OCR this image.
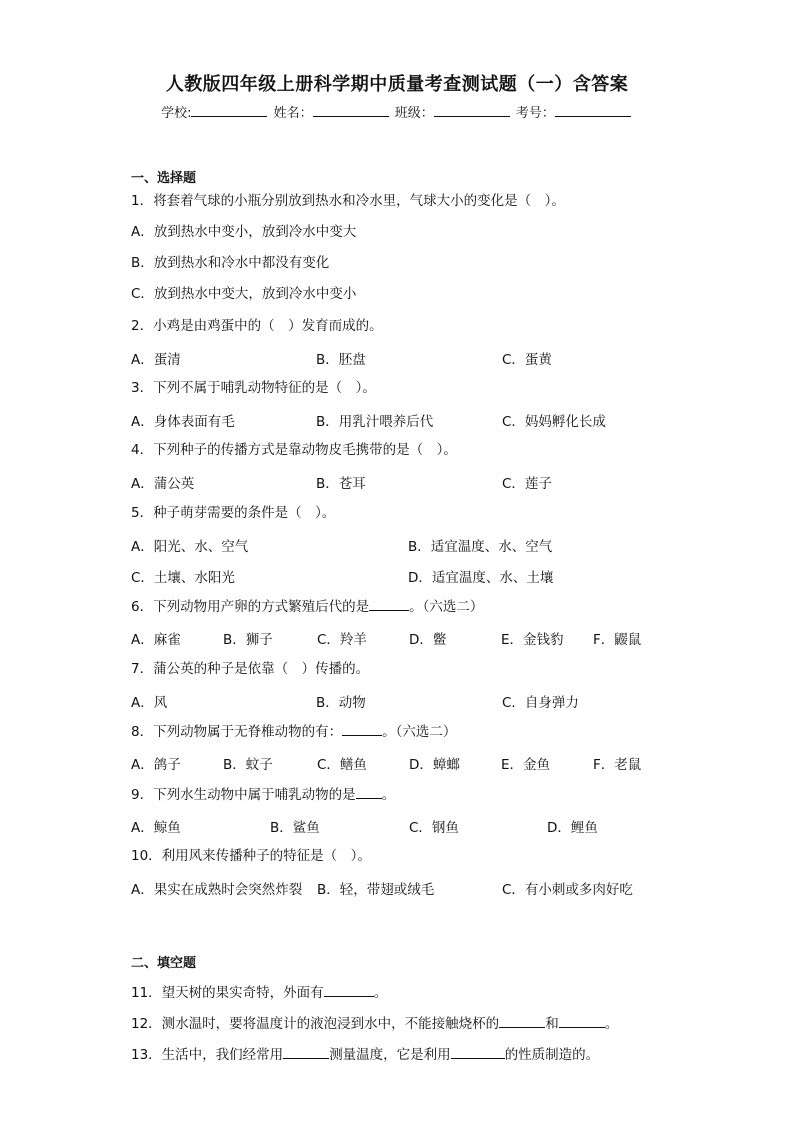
人教版四年级上册科学期中质量考查测试题（一）含答案
学校:	姓名：	班级：	考号：
一、选择题
1．将套着气球的小瓶分别放到热水和冷水里，气球大小的变化是（　）。
A．放到热水中变小，放到冷水中变大
B．放到热水和冷水中都没有变化
C．放到热水中变大，放到冷水中变小
2．小鸡是由鸡蛋中的（　）发育而成的。
A．蛋清	B．胚盘	C．蛋黄
3．下列不属于哺乳动物特征的是（　）。
A．身体表面有毛	B．用乳汁喂养后代	C．妈妈孵化长成
4．下列种子的传播方式是靠动物皮毛携带的是（　）。
A．蒲公英	B．苍耳	C．莲子
5．种子萌芽需要的条件是（　）。
A．阳光、水、空气	B．适宜温度、水、空气
C．土壤、水阳光	D．适宜温度、水、土壤
6．下列动物用产卵的方式繁殖后代的是	。（六选二）
A．麻雀	B．狮子	C．羚羊	D．鳖	E．金钱豹 F．鼹鼠
7．蒲公英的种子是依靠（　）传播的。
A．风	B．动物	C．自身弹力
8．下列动物属于无脊椎动物的有：	。（六选二）
A．鸽子	B．蚊子	C．鳝鱼	D．蟑螂	E．金鱼	F．老鼠
9．下列水生动物中属于哺乳动物的是 。
A．鲸鱼	B．鲨鱼	C．钢鱼	D．鲤鱼
10．利用风来传播种子的特征是（　）。
A．果实在成熟时会突然炸裂 B．轻，带翅或绒毛	C．有小刺或多肉好吃
二、填空题
11．望天树的果实奇特，外面有	。
12．测水温时，要将温度计的液泡浸到水中，不能接触烧杯的	和	。
13．生活中，我们经常用	测量温度，它是利用	的性质制造的。
